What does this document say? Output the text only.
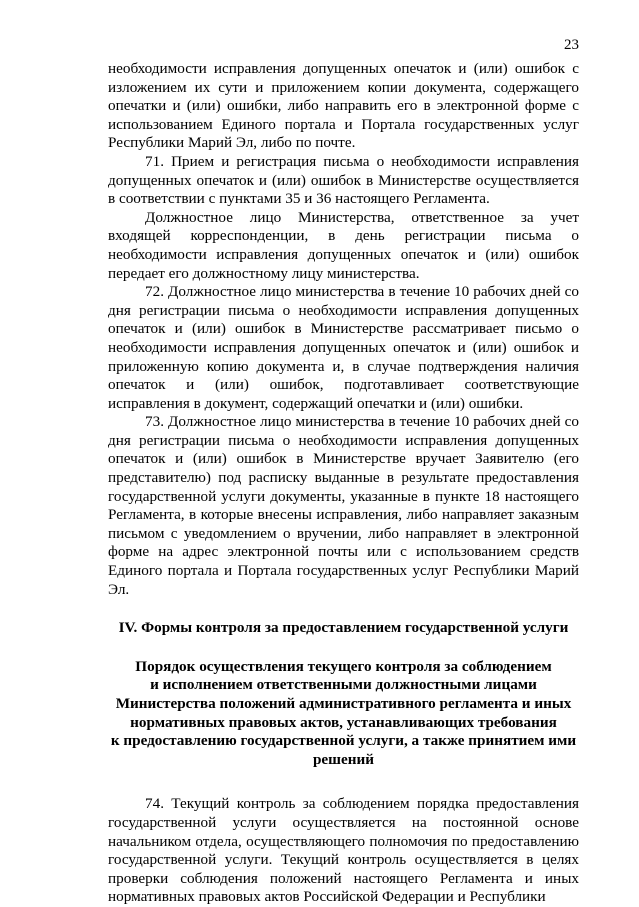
23

необходимости исправления допущенных опечаток и (или) ошибок с изложением их сути и приложением копии документа, содержащего опечатки и (или) ошибки, либо направить его в электронной форме с использованием Единого портала и Портала государственных услуг Республики Марий Эл, либо по почте.

71. Прием и регистрация письма о необходимости исправления допущенных опечаток и (или) ошибок в Министерстве осуществляется в соответствии с пунктами 35 и 36 настоящего Регламента.

Должностное лицо Министерства, ответственное за учет входящей корреспонденции, в день регистрации письма о необходимости исправления допущенных опечаток и (или) ошибок передает его должностному лицу министерства.

72. Должностное лицо министерства в течение 10 рабочих дней со дня регистрации письма о необходимости исправления допущенных опечаток и (или) ошибок в Министерстве рассматривает письмо о необходимости исправления допущенных опечаток и (или) ошибок и приложенную копию документа и, в случае подтверждения наличия опечаток и (или) ошибок, подготавливает соответствующие исправления в документ, содержащий опечатки и (или) ошибки.

73. Должностное лицо министерства в течение 10 рабочих дней со дня регистрации письма о необходимости исправления допущенных опечаток и (или) ошибок в Министерстве вручает Заявителю (его представителю) под расписку выданные в результате предоставления государственной услуги документы, указанные в пункте 18 настоящего Регламента, в которые внесены исправления, либо направляет заказным письмом с уведомлением о вручении, либо направляет в электронной форме на адрес электронной почты или с использованием средств Единого портала и Портала государственных услуг Республики Марий Эл.

IV. Формы контроля за предоставлением государственной услуги
Порядок осуществления текущего контроля за соблюдением
и исполнением ответственными должностными лицами
Министерства положений административного регламента и иных
нормативных правовых актов, устанавливающих требования
к предоставлению государственной услуги, а также принятием ими
решений

74. Текущий контроль за соблюдением порядка предоставления государственной услуги осуществляется на постоянной основе начальником отдела, осуществляющего полномочия по предоставлению государственной услуги. Текущий контроль осуществляется в целях проверки соблюдения положений настоящего Регламента и иных нормативных правовых актов Российской Федерации и Республики
